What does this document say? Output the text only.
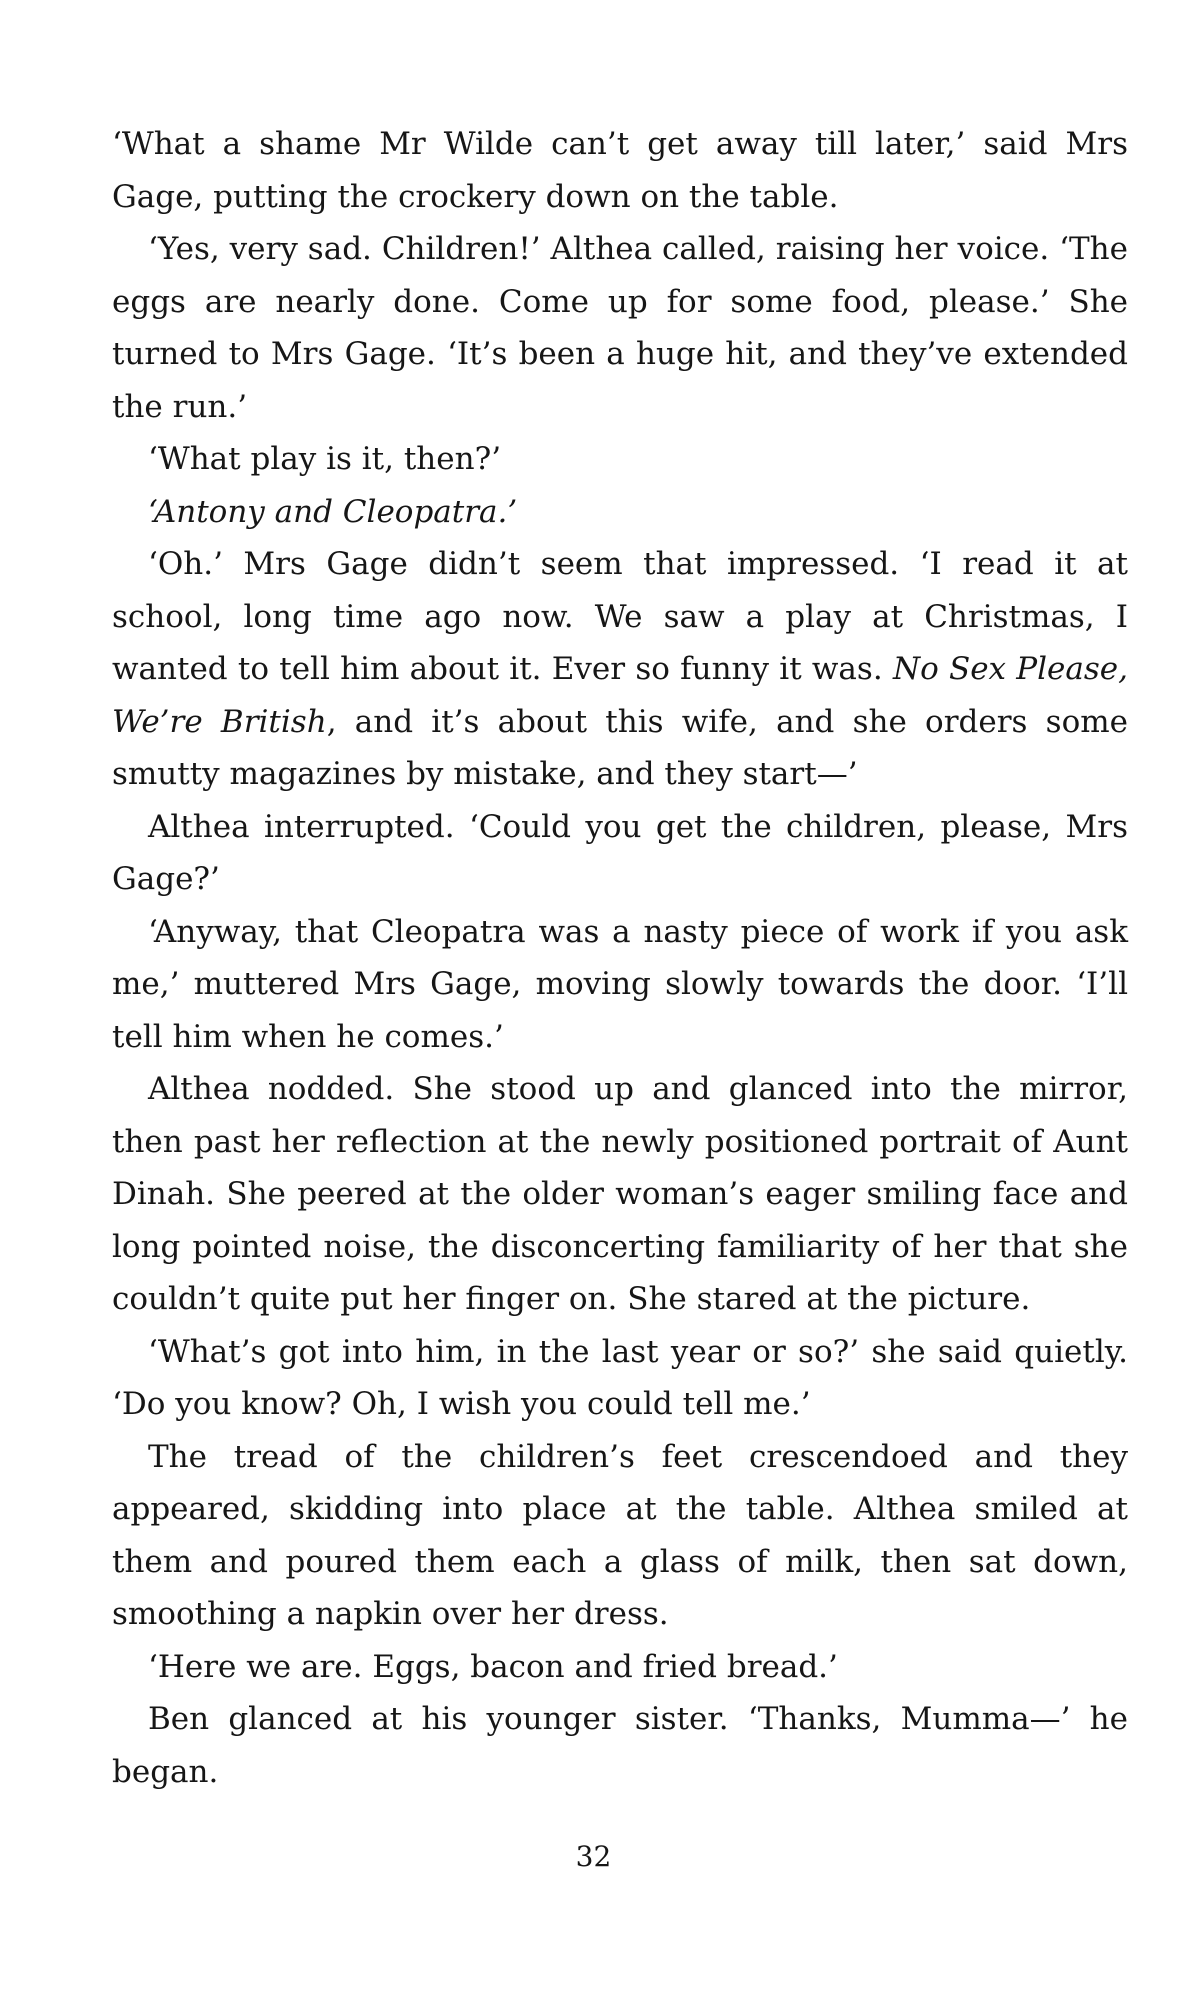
‘What a shame Mr Wilde can’t get away till later,’ said Mrs Gage, putting the crockery down on the table.

‘Yes, very sad. Children!’ Althea called, raising her voice. ‘The eggs are nearly done. Come up for some food, please.’ She turned to Mrs Gage. ‘It’s been a huge hit, and they’ve extended the run.’

‘What play is it, then?’

‘Antony and Cleopatra.’

‘Oh.’ Mrs Gage didn’t seem that impressed. ‘I read it at school, long time ago now. We saw a play at Christmas, I wanted to tell him about it. Ever so funny it was. No Sex Please, We’re British, and it’s about this wife, and she orders some smutty magazines by mistake, and they start—’

Althea interrupted. ‘Could you get the children, please, Mrs Gage?’

‘Anyway, that Cleopatra was a nasty piece of work if you ask me,’ muttered Mrs Gage, moving slowly towards the door. ‘I’ll tell him when he comes.’

Althea nodded. She stood up and glanced into the mirror, then past her reflection at the newly positioned portrait of Aunt Dinah. She peered at the older woman’s eager smiling face and long pointed noise, the disconcerting familiarity of her that she couldn’t quite put her finger on. She stared at the picture.

‘What’s got into him, in the last year or so?’ she said quietly. ‘Do you know? Oh, I wish you could tell me.’

The tread of the children’s feet crescendoed and they appeared, skidding into place at the table. Althea smiled at them and poured them each a glass of milk, then sat down, smoothing a napkin over her dress.

‘Here we are. Eggs, bacon and fried bread.’

Ben glanced at his younger sister. ‘Thanks, Mumma—’ he began.

32
